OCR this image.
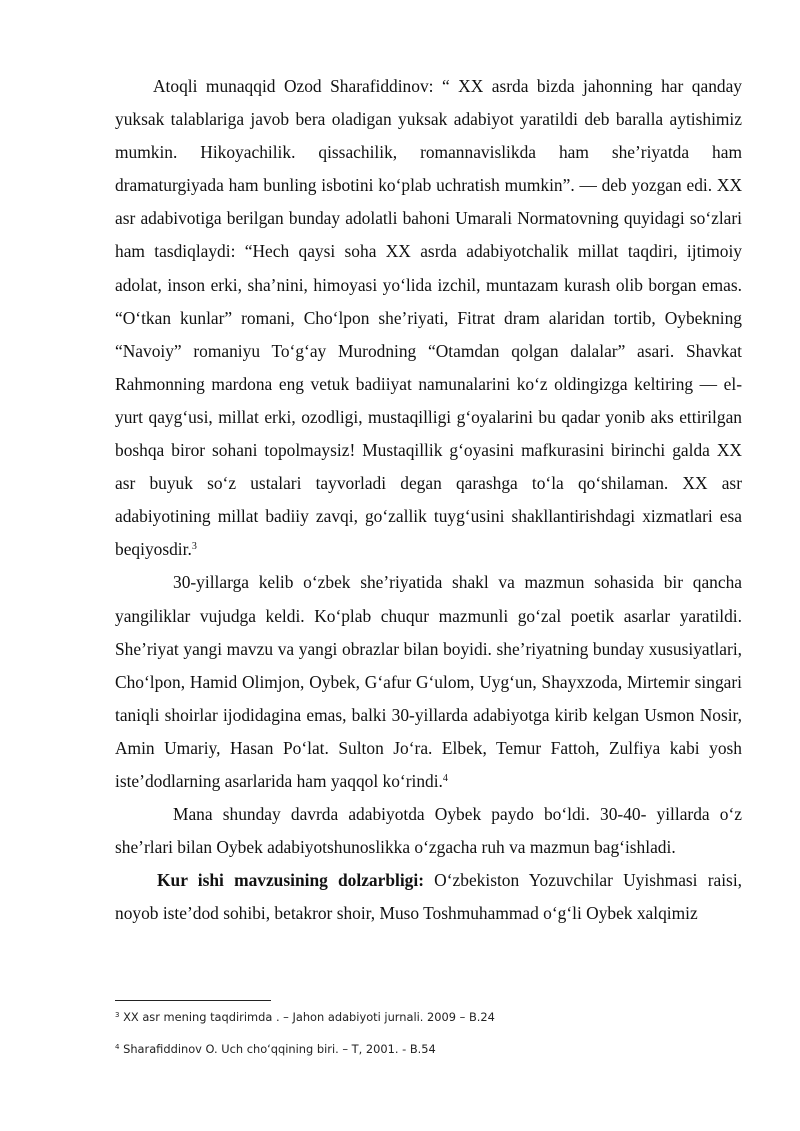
Atoqli munaqqid Ozod Sharafiddinov: “ XX asrda bizda jahonning har qanday yuksak talablariga javob bera oladigan yuksak adabiyot yaratildi deb baralla aytishimiz mumkin. Hikoyachilik. qissachilik, romannavislikda ham she’riyatda ham dramaturgiyada ham bunling isbotini ko‘plab uchratish mumkin”. — deb yozgan edi. XX asr adabivotiga berilgan bunday adolatli bahoni Umarali Normatovning quyidagi so‘zlari ham tasdiqlaydi: “Hech qaysi soha XX asrda adabiyotchalik millat taqdiri, ijtimoiy adolat, inson erki, sha’nini, himoyasi yo‘lida izchil, muntazam kurash olib borgan emas. “O‘tkan kunlar” romani, Cho‘lpon she’riyati, Fitrat dram alaridan tortib, Oybekning “Navoiy” romaniyu To‘g‘ay Murodning “Otamdan qolgan dalalar” asari. Shavkat Rahmonning mardona eng vetuk badiiyat namunalarini ko‘z oldingizga keltiring — el-yurt qayg‘usi, millat erki, ozodligi, mustaqilligi g‘oyalarini bu qadar yonib aks ettirilgan boshqa biror sohani topolmaysiz! Mustaqillik g‘oyasini mafkurasini birinchi galda XX asr buyuk so‘z ustalari tayvorladi degan qarashga to‘la qo‘shilaman. XX asr adabiyotining millat badiiy zavqi, go‘zallik tuyg‘usini shakllantirishdagi xizmatlari esa beqiyosdir.$^3$

30-yillarga kelib o‘zbek she’riyatida shakl va mazmun sohasida bir qancha yangiliklar vujudga keldi. Ko‘plab chuqur mazmunli go‘zal poetik asarlar yaratildi. She’riyat yangi mavzu va yangi obrazlar bilan boyidi. she’riyatning bunday xususiyatlari, Cho‘lpon, Hamid Olimjon, Oybek, G‘afur G‘ulom, Uyg‘un, Shayxzoda, Mirtemir singari taniqli shoirlar ijodidagina emas, balki 30-yillarda adabiyotga kirib kelgan Usmon Nosir, Amin Umariy, Hasan Po‘lat. Sulton Jo‘ra. Elbek, Temur Fattoh, Zulfiya kabi yosh iste’dodlarning asarlarida ham yaqqol ko‘rindi.$^4$

Mana shunday davrda adabiyotda Oybek paydo bo‘ldi. 30-40- yillarda o‘z she’rlari bilan Oybek adabiyotshunoslikka o‘zgacha ruh va mazmun bag‘ishladi.

Kur ishi mavzusining dolzarbligi: O‘zbekiston Yozuvchilar Uyishmasi raisi, noyob iste’dod sohibi, betakror shoir, Muso Toshmuhammad o‘g‘li Oybek xalqimiz

$^3$ XX asr mening taqdirimda . – Jahon adabiyoti jurnali. 2009 – B.24
$^4$ Sharafiddinov O. Uch cho‘qqining biri. – T, 2001. - B.54
